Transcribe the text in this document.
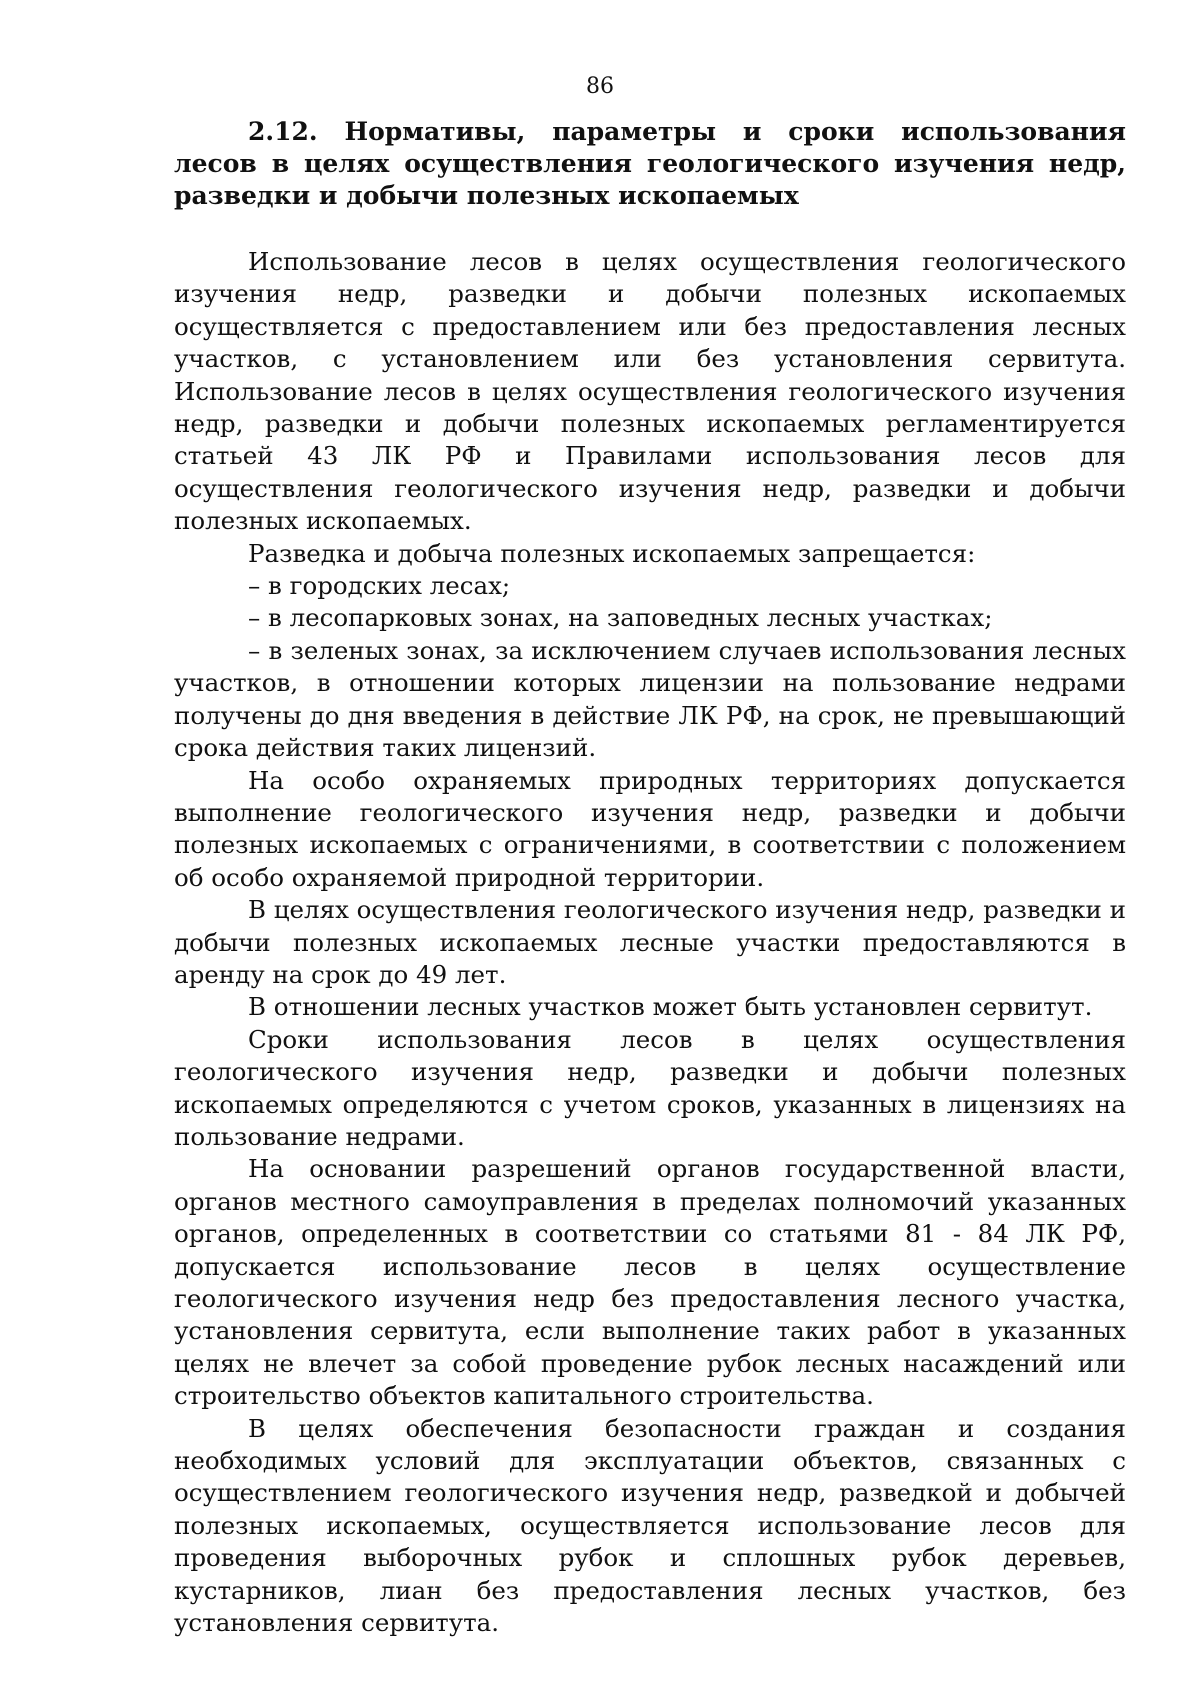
86
2.12. Нормативы, параметры и сроки использования лесов в целях осуществления геологического изучения недр, разведки и добычи полезных ископаемых

Использование лесов в целях осуществления геологического изучения недр, разведки и добычи полезных ископаемых осуществляется с предоставлением или без предоставления лесных участков, с установлением или без установления сервитута. Использование лесов в целях осуществления геологического изучения недр, разведки и добычи полезных ископаемых регламентируется статьей 43 ЛК РФ и Правилами использования лесов для осуществления геологического изучения недр, разведки и добычи полезных ископаемых.

Разведка и добыча полезных ископаемых запрещается:

– в городских лесах;

– в лесопарковых зонах, на заповедных лесных участках;

– в зеленых зонах, за исключением случаев использования лесных участков, в отношении которых лицензии на пользование недрами получены до дня введения в действие ЛК РФ, на срок, не превышающий срока действия таких лицензий.

На особо охраняемых природных территориях допускается выполнение геологического изучения недр, разведки и добычи полезных ископаемых с ограничениями, в соответствии с положением об особо охраняемой природной территории.

В целях осуществления геологического изучения недр, разведки и добычи полезных ископаемых лесные участки предоставляются в аренду на срок до 49 лет.

В отношении лесных участков может быть установлен сервитут.

Сроки использования лесов в целях осуществления геологического изучения недр, разведки и добычи полезных ископаемых определяются с учетом сроков, указанных в лицензиях на пользование недрами.

На основании разрешений органов государственной власти, органов местного самоуправления в пределах полномочий указанных органов, определенных в соответствии со статьями 81 - 84 ЛК РФ, допускается использование лесов в целях осуществление геологического изучения недр без предоставления лесного участка, установления сервитута, если выполнение таких работ в указанных целях не влечет за собой проведение рубок лесных насаждений или строительство объектов капитального строительства.

В целях обеспечения безопасности граждан и создания необходимых условий для эксплуатации объектов, связанных с осуществлением геологического изучения недр, разведкой и добычей полезных ископаемых, осуществляется использование лесов для проведения выборочных рубок и сплошных рубок деревьев, кустарников, лиан без предоставления лесных участков, без установления сервитута.
